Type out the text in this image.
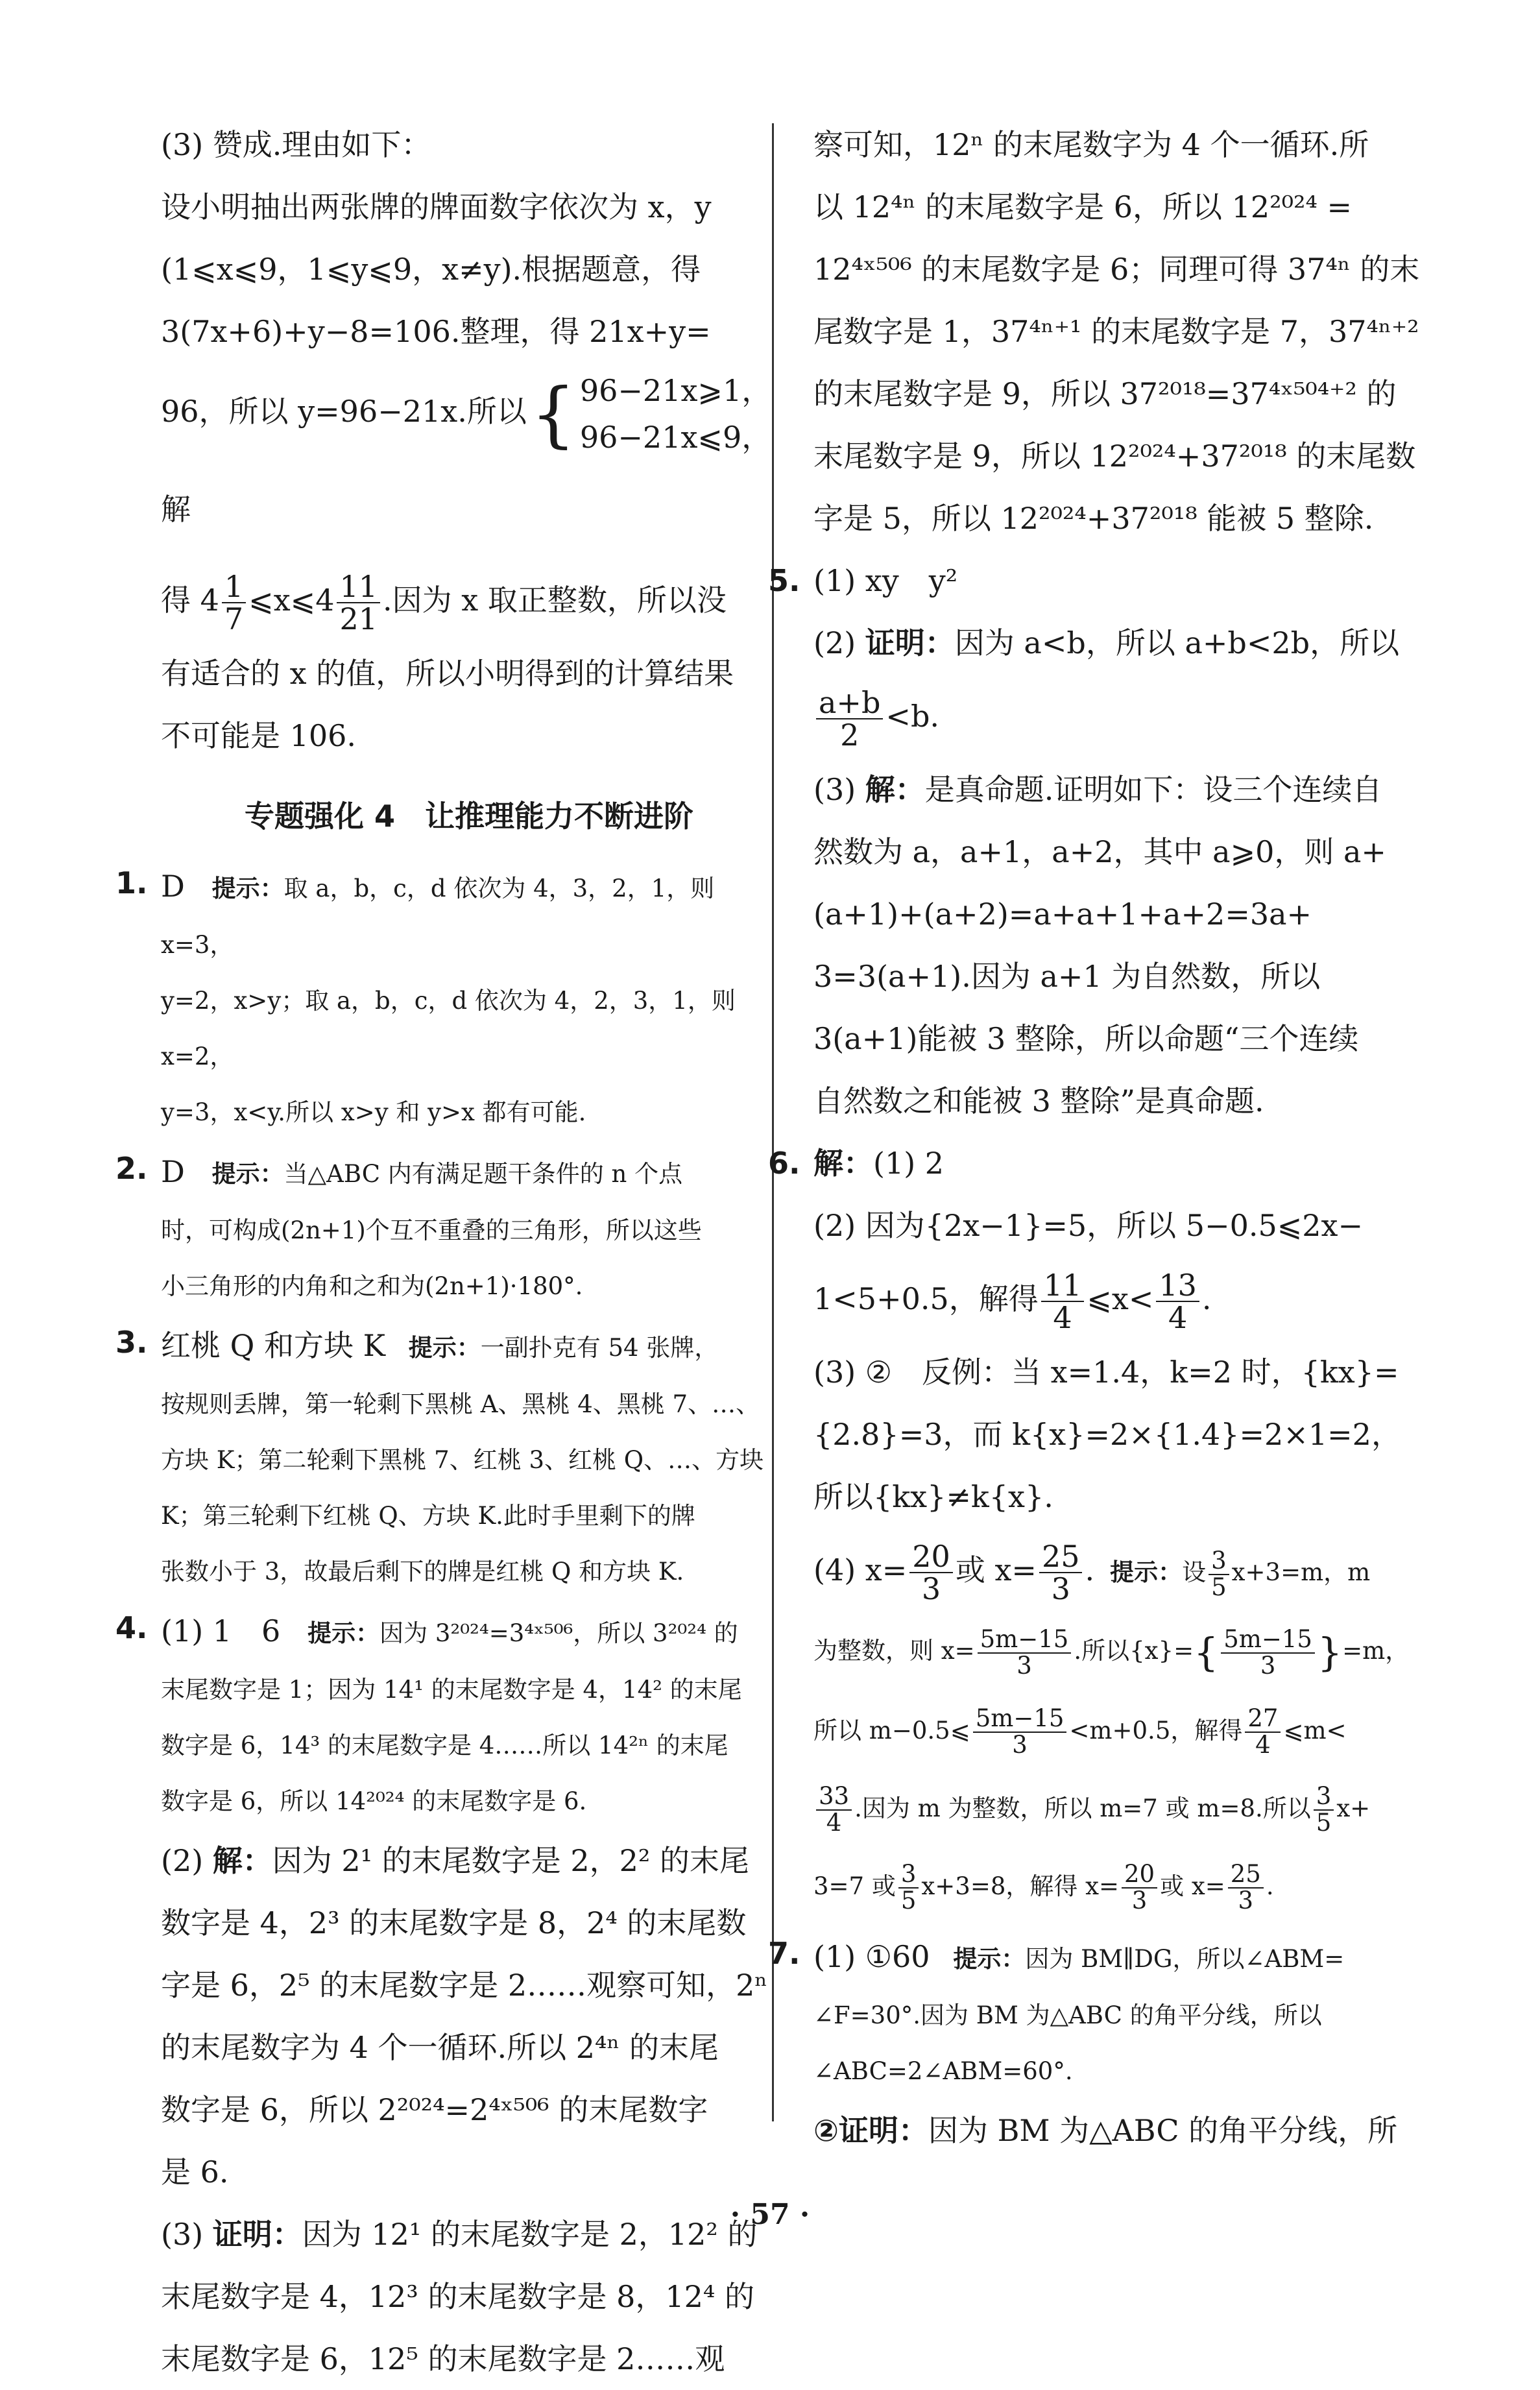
(3) 赞成.理由如下：

设小明抽出两张牌的牌面数字依次为 x，y

(1⩽x⩽9，1⩽y⩽9，x≠y).根据题意，得

3(7x+6)+y−8=106.整理，得 21x+y=

96，所以 y=96−21x.所以{ 96−21x⩾1，
96−21x⩽9，
解

得 $4 \frac{1}{7}$ ⩽x⩽4 $\frac{11}{21}$ .因为 x 取正整数，所以没

有适合的 x 的值，所以小明得到的计算结果

不可能是 106.

专题强化 4　让推理能力不断进阶

1. D 提示：取 a，b，c，d 依次为 4，3，2，1，则 x=3，
y=2，x>y；取 a，b，c，d 依次为 4，2，3，1，则 x=2，
y=3，x<y.所以 x>y 和 y>x 都有可能.
2. D 提示：当△ABC 内有满足题干条件的 n 个点
时，可构成(2n+1)个互不重叠的三角形，所以这些
小三角形的内角和之和为(2n+1)·180°.
3. 红桃 Q 和方块 K 提示：一副扑克有 54 张牌，
按规则丢牌，第一轮剩下黑桃 A、黑桃 4、黑桃 7、…、
方块 K；第二轮剩下黑桃 7、红桃 3、红桃 Q、…、方块
K；第三轮剩下红桃 Q、方块 K.此时手里剩下的牌
张数小于 3，故最后剩下的牌是红桃 Q 和方块 K.
4. (1) 1　6 提示：因为 3²⁰²⁴=3⁴ˣ⁵⁰⁶，所以 3²⁰²⁴ 的
末尾数字是 1；因为 14¹ 的末尾数字是 4，14² 的末尾
数字是 6，14³ 的末尾数字是 4……所以 14²ⁿ 的末尾
数字是 6，所以 14²⁰²⁴ 的末尾数字是 6.
(2) 解：因为 2¹ 的末尾数字是 2，2² 的末尾
数字是 4，2³ 的末尾数字是 8，2⁴ 的末尾数
字是 6，2⁵ 的末尾数字是 2……观察可知，2ⁿ
的末尾数字为 4 个一循环.所以 2⁴ⁿ 的末尾
数字是 6，所以 2²⁰²⁴=2⁴ˣ⁵⁰⁶ 的末尾数字
是 6.
(3) 证明：因为 12¹ 的末尾数字是 2，12² 的
末尾数字是 4，12³ 的末尾数字是 8，12⁴ 的
末尾数字是 6，12⁵ 的末尾数字是 2……观
察可知，12ⁿ 的末尾数字为 4 个一循环.所
以 12⁴ⁿ 的末尾数字是 6，所以 12²⁰²⁴ =
12⁴ˣ⁵⁰⁶ 的末尾数字是 6；同理可得 37⁴ⁿ 的末
尾数字是 1，37⁴ⁿ⁺¹ 的末尾数字是 7，37⁴ⁿ⁺²
的末尾数字是 9，所以 37²⁰¹⁸=37⁴ˣ⁵⁰⁴⁺² 的
末尾数字是 9，所以 12²⁰²⁴+37²⁰¹⁸ 的末尾数
字是 5，所以 12²⁰²⁴+37²⁰¹⁸ 能被 5 整除.
5. (1) xy　y²
(2) 证明：因为 a<b，所以 a+b<2b，所以

$\frac{a+b}{2} <b$.
(3) 解：是真命题.证明如下：设三个连续自
然数为 a，a+1，a+2，其中 a⩾0，则 a+
(a+1)+(a+2)=a+a+1+a+2=3a+
3=3(a+1).因为 a+1 为自然数，所以
3(a+1)能被 3 整除，所以命题“三个连续
自然数之和能被 3 整除”是真命题.
6. 解：(1) 2
(2) 因为{2x−1}=5，所以 5−0.5⩽2x−
1<5+0.5，解得 $\frac{11}{4}$ ⩽x< $\frac{13}{4}$ .
(3) ②　反例：当 x=1.4，k=2 时，{kx}=
{2.8}=3，而 k{x}=2×{1.4}=2×1=2，
所以{kx}≠k{x}.
(4) $x= \frac{20}{3}$ 或 $x= \frac{25}{3}$ . 提示：设 $\frac{3}{5} x+3=m$，m
为整数，则 $x= \frac{5m-15}{3}$ .所以$\{x\}=\{ \frac{5m-15}{3} \}=m$，
所以 m−0.5⩽ $\frac{5m-15}{3} <m+0.5$，解得 $\frac{27}{4}$ ⩽m<

$\frac{33}{4}$ .因为 m 为整数，所以 m=7 或 m=8.所以 $\frac{3}{5} x+$
3=7 或 $\frac{3}{5} x+3=8$，解得 $x= \frac{20}{3}$ 或 $x= \frac{25}{3}$ .
7. (1) ①60 提示：因为 BM∥DG，所以∠ABM=
∠F=30°.因为 BM 为△ABC 的角平分线，所以
∠ABC=2∠ABM=60°.
②证明：因为 BM 为△ABC 的角平分线，所
· 57 ·
